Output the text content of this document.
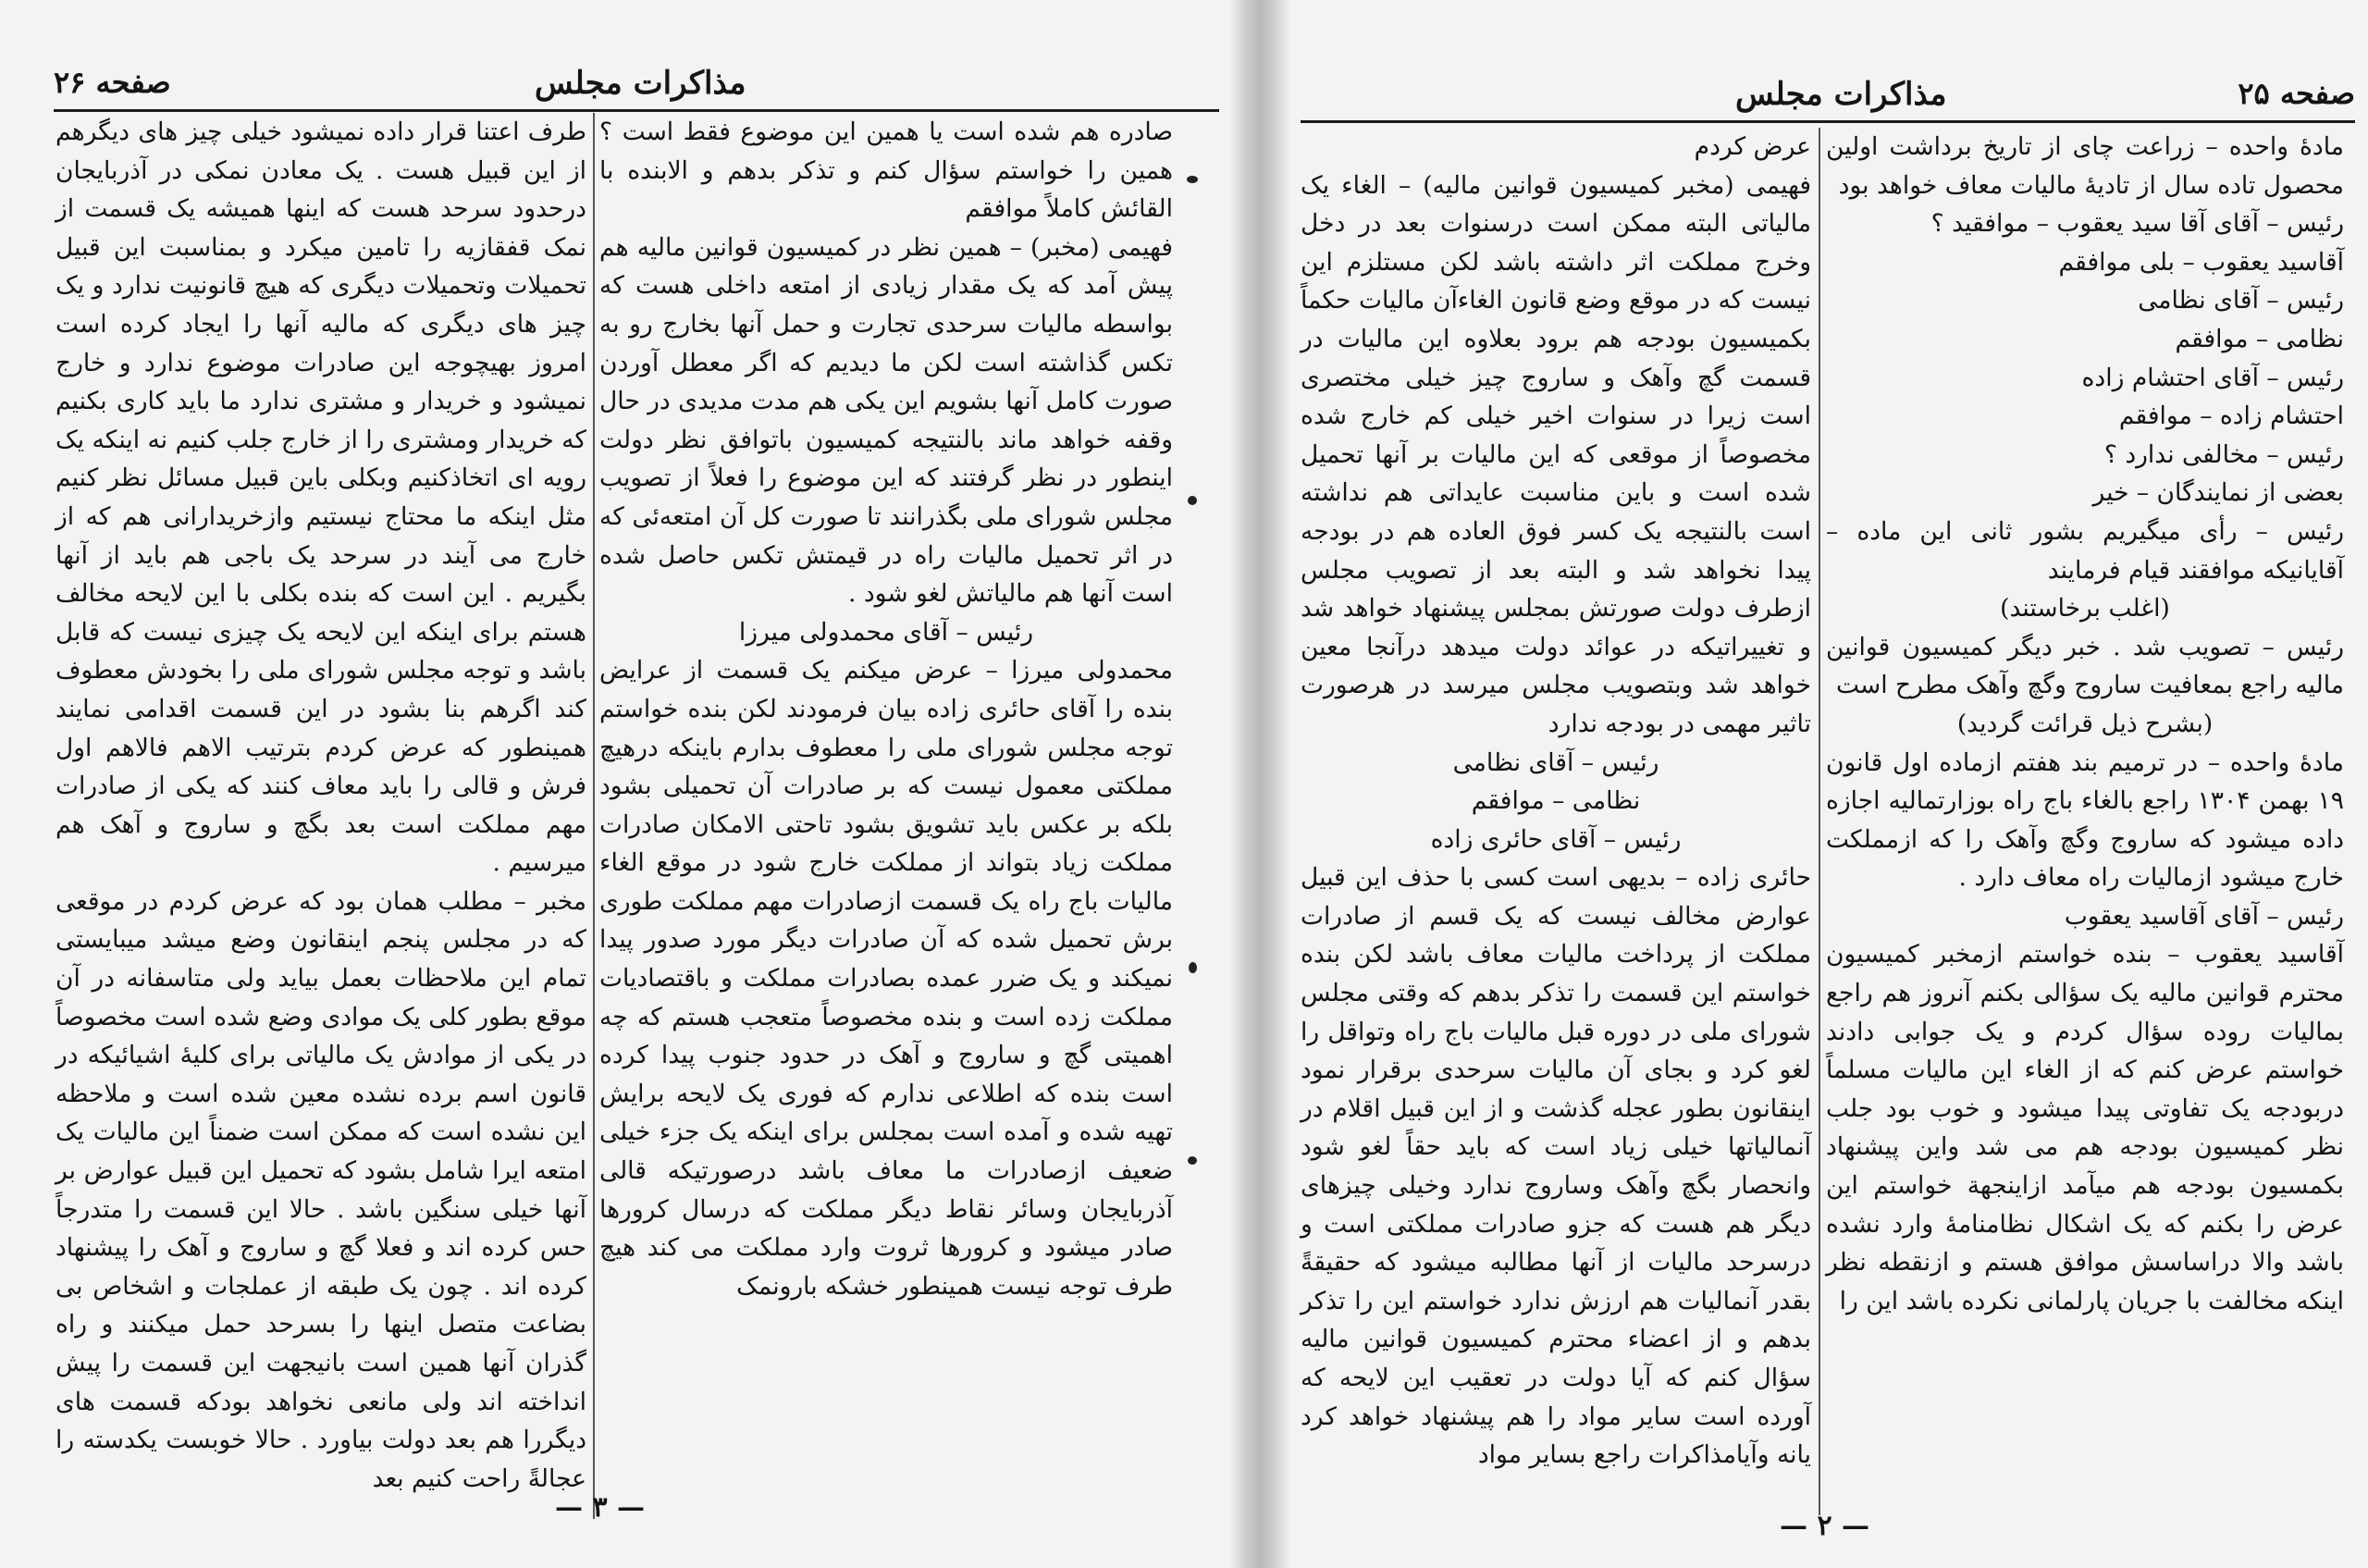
صفحه ۲۶	مذاکرات مجلس

صادره هم شده است یا همین این موضوع فقط است ؟ همین را خواستم سؤال کنم و تذکر بدهم و الابنده با القائش کاملاً موافقم

فهیمی (مخبر) – همین نظر در کمیسیون قوانین مالیه هم پیش آمد که یک مقدار زیادی از امتعه داخلی هست که بواسطه مالیات سرحدی تجارت و حمل آنها بخارج رو به تکس گذاشته است لکن ما دیدیم که اگر معطل آوردن صورت کامل آنها بشویم این یکی هم مدت مدیدی در حال وقفه خواهد ماند بالنتیجه کمیسیون باتوافق نظر دولت اینطور در نظر گرفتند که این موضوع را فعلاً از تصویب مجلس شورای ملی بگذرانند تا صورت کل آن امتعه‌ئی که در اثر تحمیل مالیات راه در قیمتش تکس حاصل شده است آنها هم مالیاتش لغو شود .

رئیس – آقای محمدولی میرزا

محمدولی میرزا – عرض میکنم یک قسمت از عرایض بنده را آقای حائری زاده بیان فرمودند لکن بنده خواستم توجه مجلس شورای ملی را معطوف بدارم باینکه درهیچ مملکتی معمول نیست که بر صادرات آن تحمیلی بشود بلکه بر عکس باید تشویق بشود تاحتی الامکان صادرات مملکت زیاد بتواند از مملکت خارج شود در موقع الغاء مالیات باج راه یک قسمت ازصادرات مهم مملکت طوری برش تحمیل شده که آن صادرات دیگر مورد صدور پیدا نمیکند و یک ضرر عمده بصادرات مملکت و باقتصادیات مملکت زده است و بنده مخصوصاً متعجب هستم که چه اهمیتی گچ و ساروج و آهک در حدود جنوب پیدا کرده است بنده که اطلاعی ندارم که فوری یک لایحه برایش تهیه شده و آمده است بمجلس برای اینکه یک جزء خیلی ضعیف ازصادرات ما معاف باشد درصورتیکه قالی آذربایجان وسائر نقاط دیگر مملکت که درسال کرورها صادر میشود و کرورها ثروت وارد مملکت می کند هیچ طرف توجه نیست همینطور خشکه بارونمک

طرف اعتنا قرار داده نمیشود خیلی چیز های دیگرهم از این قبیل هست . یک معادن نمکی در آذربایجان درحدود سرحد هست که اینها همیشه یک قسمت از نمک قفقازیه را تامین میکرد و بمناسبت این قبیل تحمیلات وتحمیلات دیگری که هیچ قانونیت ندارد و یک چیز های دیگری که مالیه آنها را ایجاد کرده است امروز بهیچوجه این صادرات موضوع ندارد و خارج نمیشود و خریدار و مشتری ندارد ما باید کاری بکنیم که خریدار ومشتری را از خارج جلب کنیم نه اینکه یک رویه ای اتخاذکنیم وبکلی باین قبیل مسائل نظر کنیم مثل اینکه ما محتاج نیستیم وازخریدارانی هم که از خارج می آیند در سرحد یک باجی هم باید از آنها بگیریم . این است که بنده بکلی با این لایحه مخالف هستم برای اینکه این لایحه یک چیزی نیست که قابل باشد و توجه مجلس شورای ملی را بخودش معطوف کند اگرهم بنا بشود در این قسمت اقدامی نمایند همینطور که عرض کردم بترتیب الاهم فالاهم اول فرش و قالی را باید معاف کنند که یکی از صادرات مهم مملکت است بعد بگچ و ساروج و آهک هم میرسیم .

مخبر – مطلب همان بود که عرض کردم در موقعی که در مجلس پنجم اینقانون وضع میشد میبایستی تمام این ملاحظات بعمل بیاید ولی متاسفانه در آن موقع بطور کلی یک موادی وضع شده است مخصوصاً در یکی از موادش یک مالیاتی برای کلیهٔ اشیائیکه در قانون اسم برده نشده معین شده است و ملاحظه این نشده است که ممکن است ضمناً این مالیات یک امتعه ایرا شامل بشود که تحمیل این قبیل عوارض بر آنها خیلی سنگین باشد . حالا این قسمت را متدرجاً حس کرده اند و فعلا گچ و ساروج و آهک را پیشنهاد کرده اند . چون یک طبقه از عملجات و اشخاص بی بضاعت متصل اینها را بسرحد حمل میکنند و راه گذران آنها همین است بانیجهت این قسمت را پیش انداخته اند ولی مانعی نخواهد بودکه قسمت های دیگررا هم بعد دولت بیاورد . حالا خوبست یکدسته را عجالةً راحت کنیم بعد

— ۳ —
صفحه ۲۵
مذاکرات مجلس

مادهٔ واحده – زراعت چای از تاریخ برداشت اولین محصول تاده سال از تادیهٔ مالیات معاف خواهد بود

رئیس – آقای آقا سید یعقوب – موافقید ؟

آقاسید یعقوب – بلی موافقم

رئیس – آقای نظامی

نظامی – موافقم

رئیس – آقای احتشام زاده

احتشام زاده – موافقم

رئیس – مخالفی ندارد ؟

بعضی از نمایندگان – خیر

رئیس – رأی میگیریم بشور ثانی این ماده – آقایانیکه موافقند قیام فرمایند

(اغلب برخاستند)

رئیس – تصویب شد . خبر دیگر کمیسیون قوانین مالیه راجع بمعافیت ساروج وگچ وآهک مطرح است

(بشرح ذیل قرائت گردید)

مادهٔ واحده – در ترمیم بند هفتم ازماده اول قانون ۱۹ بهمن ۱۳۰۴ راجع بالغاء باج راه بوزارتمالیه اجازه داده میشود که ساروج وگچ وآهک را که ازمملکت خارج میشود ازمالیات راه معاف دارد .

رئیس – آقای آقاسید یعقوب

آقاسید یعقوب – بنده خواستم ازمخبر کمیسیون محترم قوانین مالیه یک سؤالی بکنم آنروز هم راجع بمالیات روده سؤال کردم و یک جوابی دادند خواستم عرض کنم که از الغاء این مالیات مسلماً دربودجه یک تفاوتی پیدا میشود و خوب بود جلب نظر کمیسیون بودجه هم می شد واین پیشنهاد بکمسیون بودجه هم میآمد ازاینجهة خواستم این عرض را بکنم که یک اشکال نظامنامهٔ وارد نشده باشد والا دراساسش موافق هستم و ازنقطه نظر اینکه مخالفت با جریان پارلمانی نکرده باشد این را

عرض کردم

فهیمی (مخبر کمیسیون قوانین مالیه) – الغاء یک مالیاتی البته ممکن است درسنوات بعد در دخل وخرج مملکت اثر داشته باشد لکن مستلزم این نیست که در موقع وضع قانون الغاءآن مالیات حکماً بکمیسیون بودجه هم برود بعلاوه این مالیات در قسمت گچ وآهک و ساروج چیز خیلی مختصری است زیرا در سنوات اخیر خیلی کم خارج شده مخصوصاً از موقعی که این مالیات بر آنها تحمیل شده است و باین مناسبت عایداتی هم نداشته است بالنتیجه یک کسر فوق العاده هم در بودجه پیدا نخواهد شد و البته بعد از تصویب مجلس ازطرف دولت صورتش بمجلس پیشنهاد خواهد شد و تغییراتیکه در عوائد دولت میدهد درآنجا معین خواهد شد وبتصویب مجلس میرسد در هرصورت تاثیر مهمی در بودجه ندارد

رئیس – آقای نظامی

نظامی – موافقم

رئیس – آقای حائری زاده

حائری زاده – بدیهی است کسی با حذف این قبیل عوارض مخالف نیست که یک قسم از صادرات مملکت از پرداخت مالیات معاف باشد لکن بنده خواستم این قسمت را تذکر بدهم که وقتی مجلس شورای ملی در دوره قبل مالیات باج راه وتواقل را لغو کرد و بجای آن مالیات سرحدی برقرار نمود اینقانون بطور عجله گذشت و از این قبیل اقلام در آنمالیاتها خیلی زیاد است که باید حقاً لغو شود وانحصار بگچ وآهک وساروج ندارد وخیلی چیزهای دیگر هم هست که جزو صادرات مملکتی است و درسرحد مالیات از آنها مطالبه میشود که حقیقةً بقدر آنمالیات هم ارزش ندارد خواستم این را تذکر بدهم و از اعضاء محترم کمیسیون قوانین مالیه سؤال کنم که آیا دولت در تعقیب این لایحه که آورده است سایر مواد را هم پیشنهاد خواهد کرد یانه وآیامذاکرات راجع بسایر مواد

— ۲ —
